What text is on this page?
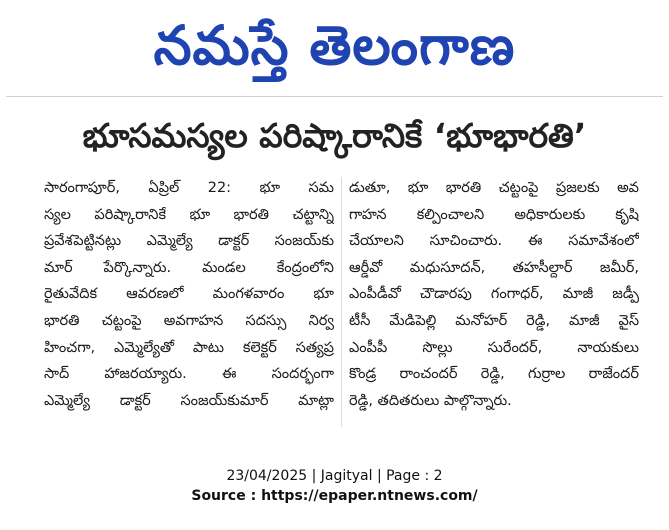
నమస్తే తెలంగాణ
భూసమస్యల పరిష్కారానికే ‘భూభారతి’

సారంగాపూర్‌, ఏప్రిల్‌ 22: భూ సమ

స్యల పరిష్కారానికే భూ భారతి చట్టాన్ని

ప్రవేశపెట్టినట్లు ఎమ్మెల్యే డాక్టర్‌ సంజయ్‌కు

మార్‌ పేర్కొన్నారు. మండల కేంద్రంలోని

రైతువేదిక ఆవరణలో మంగళవారం భూ

భారతి చట్టంపై అవగాహన సదస్సు నిర్వ

హించగా, ఎమ్మెల్యేతో పాటు కలెక్టర్‌ సత్యప్ర

సాద్‌ హాజరయ్యారు. ఈ సందర్భంగా

ఎమ్మెల్యే డాక్టర్‌ సంజయ్‌కుమార్‌ మాట్లా

డుతూ, భూ భారతి చట్టంపై ప్రజలకు అవ

గాహన కల్పించాలని అధికారులకు కృషి

చేయాలని సూచించారు. ఈ సమావేశంలో

ఆర్డీవో మధుసూదన్‌, తహసీల్దార్‌ జమీర్‌,

ఎంపీడీవో చౌడారపు గంగాధర్‌, మాజీ జడ్పీ

టీసీ మేడిపెల్లి మనోహర్‌ రెడ్డి, మాజీ వైస్‌

ఎంపీపీ సొల్లు సురేందర్‌, నాయకులు

కొండ్ర రాంచందర్‌ రెడ్డి, గుర్రాల రాజేందర్‌

రెడ్డి, తదితరులు పాల్గొన్నారు.

23/04/2025 | Jagityal | Page : 2
Source : https://epaper.ntnews.com/
